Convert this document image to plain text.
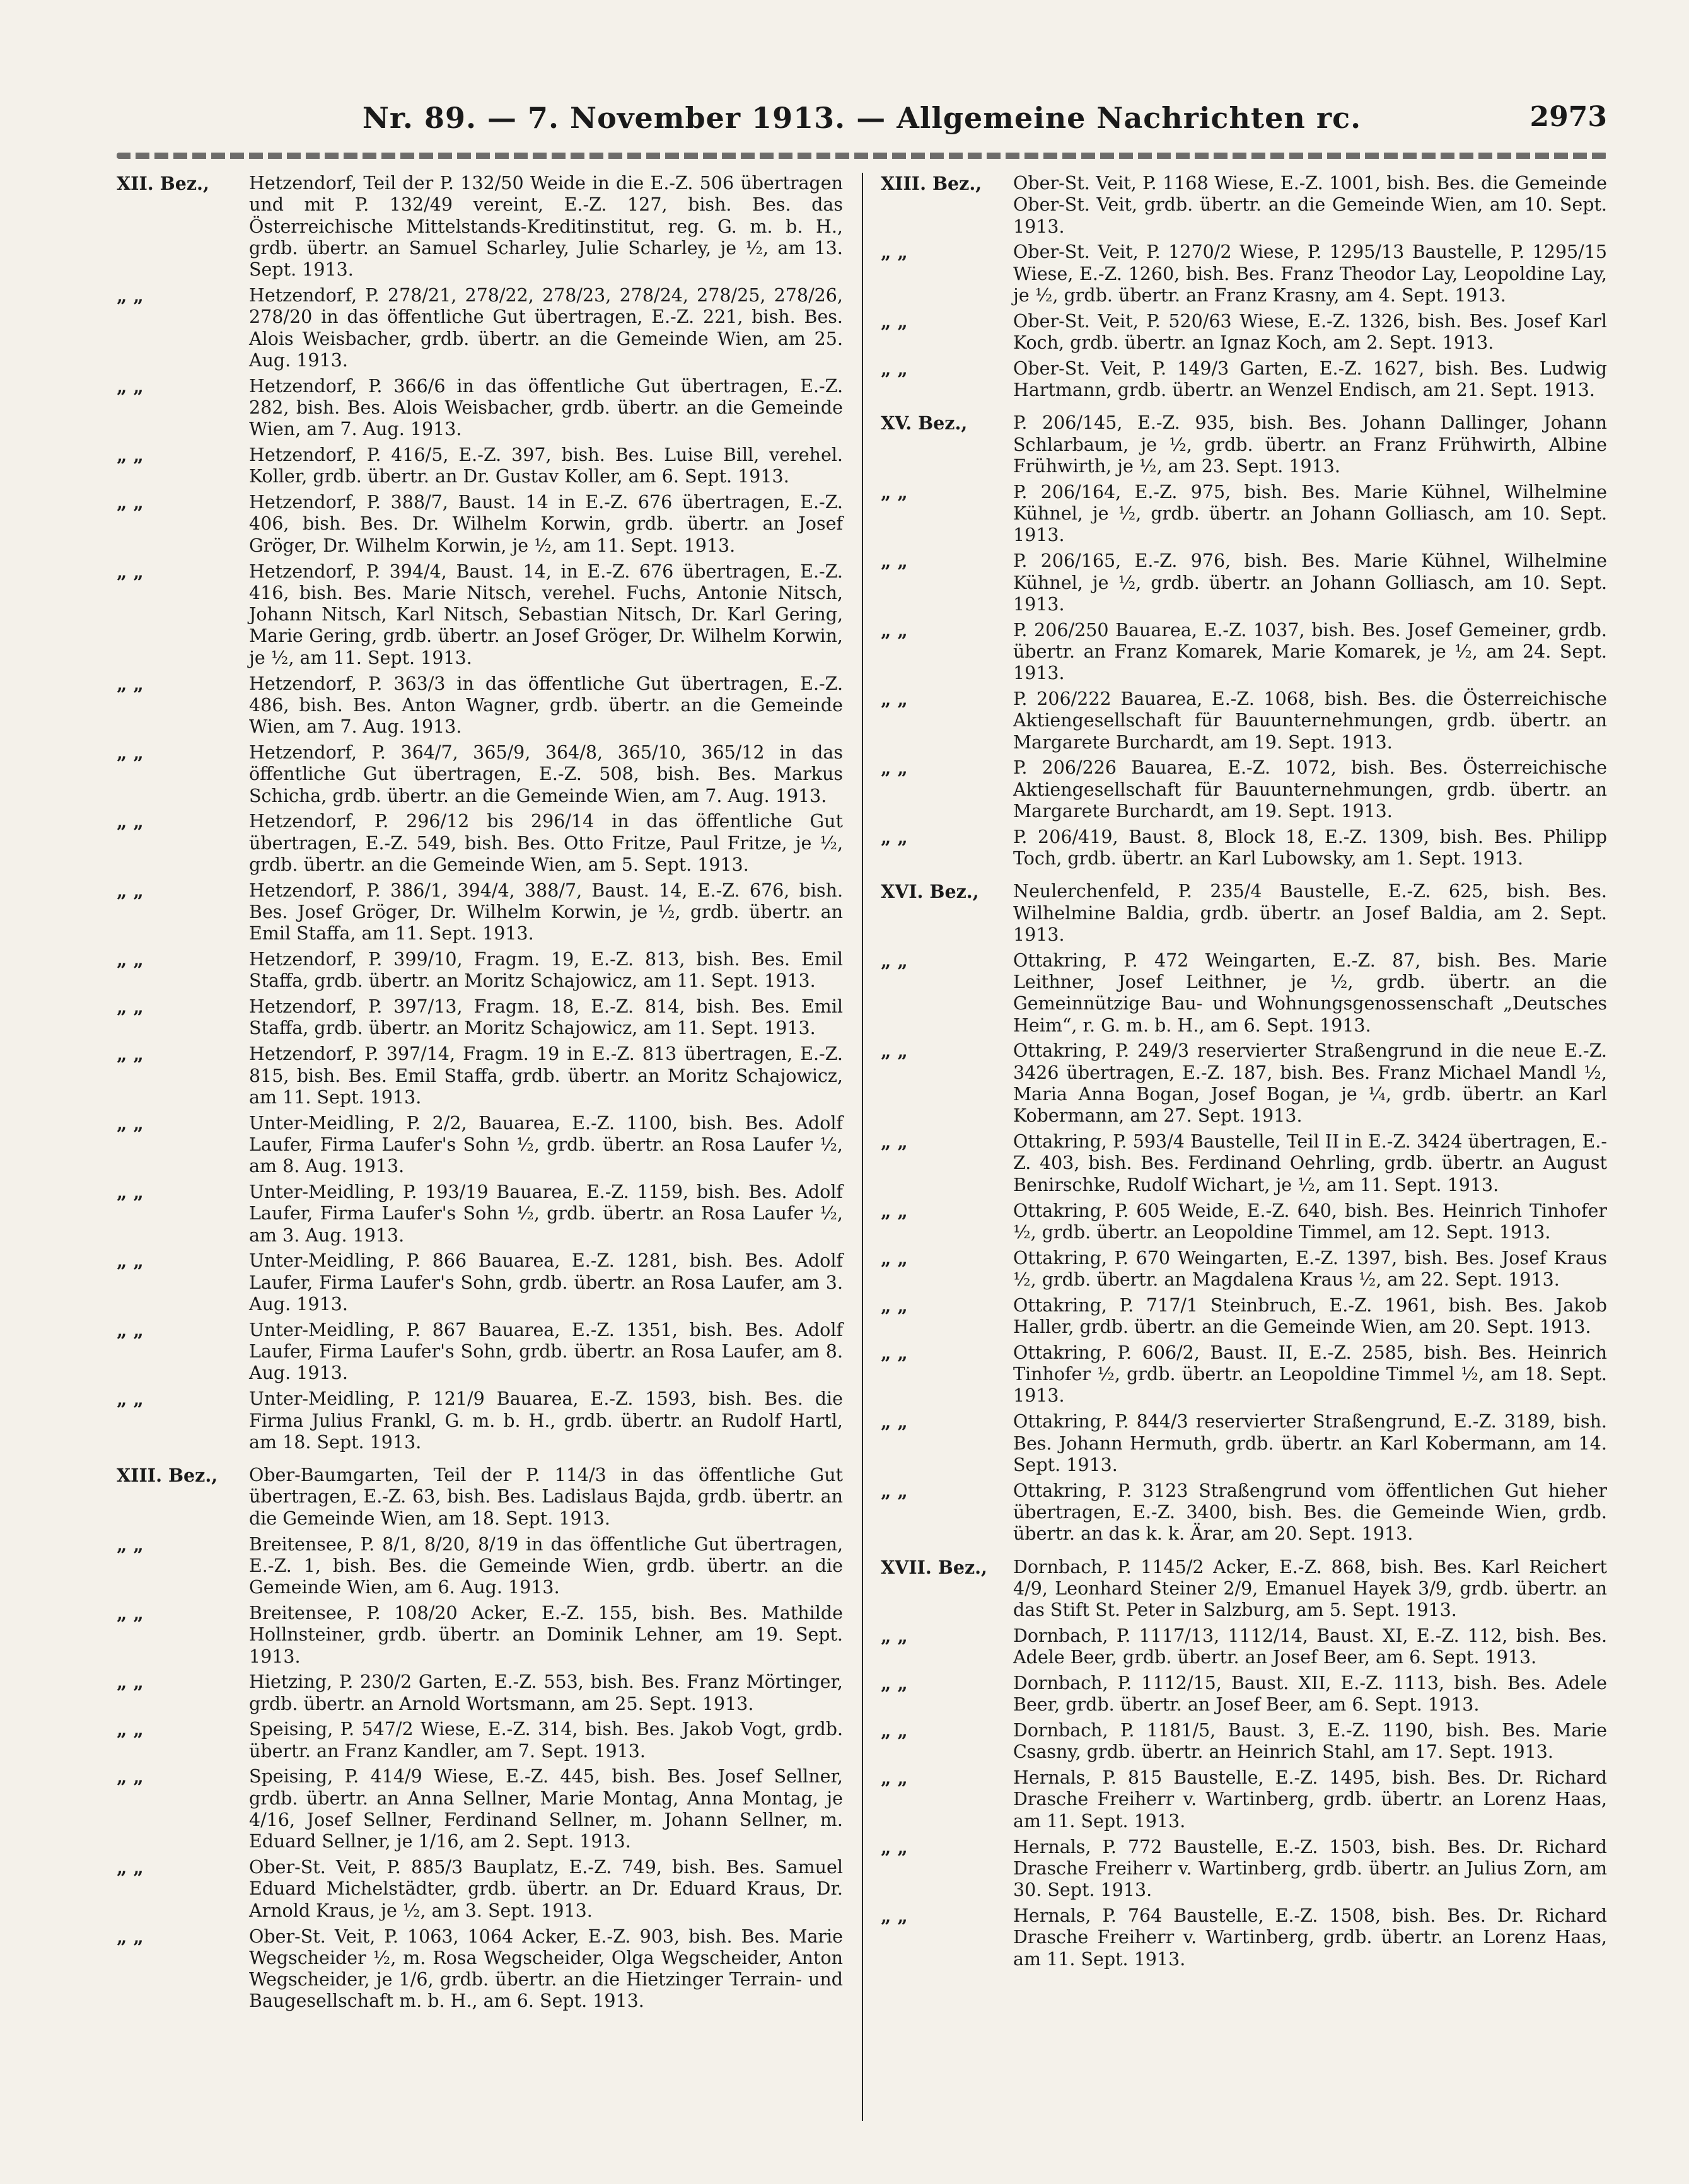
Nr. 89. — 7. November 1913. — Allgemeine Nachrichten rc.	2973
XII. Bez.,	Hetzendorf, Teil der P. 132/50 Weide in die E.-Z. 506 übertragen und mit P. 132/49 vereint, E.-Z. 127, bish. Bes. das Österreichische Mittelstands-Kreditinstitut, reg. G. m. b. H., grdb. übertr. an Samuel Scharley, Julie Scharley, je ½, am 13. Sept. 1913.
„ „	Hetzendorf, P. 278/21, 278/22, 278/23, 278/24, 278/25, 278/26, 278/20 in das öffentliche Gut übertragen, E.-Z. 221, bish. Bes. Alois Weisbacher, grdb. übertr. an die Gemeinde Wien, am 25. Aug. 1913.
„ „	Hetzendorf, P. 366/6 in das öffentliche Gut übertragen, E.-Z. 282, bish. Bes. Alois Weisbacher, grdb. übertr. an die Gemeinde Wien, am 7. Aug. 1913.
„ „	Hetzendorf, P. 416/5, E.-Z. 397, bish. Bes. Luise Bill, verehel. Koller, grdb. übertr. an Dr. Gustav Koller, am 6. Sept. 1913.
„ „	Hetzendorf, P. 388/7, Baust. 14 in E.-Z. 676 übertragen, E.-Z. 406, bish. Bes. Dr. Wilhelm Korwin, grdb. übertr. an Josef Gröger, Dr. Wilhelm Korwin, je ½, am 11. Sept. 1913.
„ „	Hetzendorf, P. 394/4, Baust. 14, in E.-Z. 676 übertragen, E.-Z. 416, bish. Bes. Marie Nitsch, verehel. Fuchs, Antonie Nitsch, Johann Nitsch, Karl Nitsch, Sebastian Nitsch, Dr. Karl Gering, Marie Gering, grdb. übertr. an Josef Gröger, Dr. Wilhelm Korwin, je ½, am 11. Sept. 1913.
„ „	Hetzendorf, P. 363/3 in das öffentliche Gut übertragen, E.-Z. 486, bish. Bes. Anton Wagner, grdb. übertr. an die Gemeinde Wien, am 7. Aug. 1913.
„ „	Hetzendorf, P. 364/7, 365/9, 364/8, 365/10, 365/12 in das öffentliche Gut übertragen, E.-Z. 508, bish. Bes. Markus Schicha, grdb. übertr. an die Gemeinde Wien, am 7. Aug. 1913.
„ „	Hetzendorf, P. 296/12 bis 296/14 in das öffentliche Gut übertragen, E.-Z. 549, bish. Bes. Otto Fritze, Paul Fritze, je ½, grdb. übertr. an die Gemeinde Wien, am 5. Sept. 1913.
„ „	Hetzendorf, P. 386/1, 394/4, 388/7, Baust. 14, E.-Z. 676, bish. Bes. Josef Gröger, Dr. Wilhelm Korwin, je ½, grdb. übertr. an Emil Staffa, am 11. Sept. 1913.
„ „	Hetzendorf, P. 399/10, Fragm. 19, E.-Z. 813, bish. Bes. Emil Staffa, grdb. übertr. an Moritz Schajowicz, am 11. Sept. 1913.
„ „	Hetzendorf, P. 397/13, Fragm. 18, E.-Z. 814, bish. Bes. Emil Staffa, grdb. übertr. an Moritz Schajowicz, am 11. Sept. 1913.
„ „	Hetzendorf, P. 397/14, Fragm. 19 in E.-Z. 813 übertragen, E.-Z. 815, bish. Bes. Emil Staffa, grdb. übertr. an Moritz Schajowicz, am 11. Sept. 1913.
„ „	Unter-Meidling, P. 2/2, Bauarea, E.-Z. 1100, bish. Bes. Adolf Laufer, Firma Laufer's Sohn ½, grdb. übertr. an Rosa Laufer ½, am 8. Aug. 1913.
„ „	Unter-Meidling, P. 193/19 Bauarea, E.-Z. 1159, bish. Bes. Adolf Laufer, Firma Laufer's Sohn ½, grdb. übertr. an Rosa Laufer ½, am 3. Aug. 1913.
„ „	Unter-Meidling, P. 866 Bauarea, E.-Z. 1281, bish. Bes. Adolf Laufer, Firma Laufer's Sohn, grdb. übertr. an Rosa Laufer, am 3. Aug. 1913.
„ „	Unter-Meidling, P. 867 Bauarea, E.-Z. 1351, bish. Bes. Adolf Laufer, Firma Laufer's Sohn, grdb. übertr. an Rosa Laufer, am 8. Aug. 1913.
„ „	Unter-Meidling, P. 121/9 Bauarea, E.-Z. 1593, bish. Bes. die Firma Julius Frankl, G. m. b. H., grdb. übertr. an Rudolf Hartl, am 18. Sept. 1913.
XIII. Bez.,	Ober-Baumgarten, Teil der P. 114/3 in das öffentliche Gut übertragen, E.-Z. 63, bish. Bes. Ladislaus Bajda, grdb. übertr. an die Gemeinde Wien, am 18. Sept. 1913.
„ „	Breitensee, P. 8/1, 8/20, 8/19 in das öffentliche Gut übertragen, E.-Z. 1, bish. Bes. die Gemeinde Wien, grdb. übertr. an die Gemeinde Wien, am 6. Aug. 1913.
„ „	Breitensee, P. 108/20 Acker, E.-Z. 155, bish. Bes. Mathilde Hollnsteiner, grdb. übertr. an Dominik Lehner, am 19. Sept. 1913.
„ „	Hietzing, P. 230/2 Garten, E.-Z. 553, bish. Bes. Franz Mörtinger, grdb. übertr. an Arnold Wortsmann, am 25. Sept. 1913.
„ „	Speising, P. 547/2 Wiese, E.-Z. 314, bish. Bes. Jakob Vogt, grdb. übertr. an Franz Kandler, am 7. Sept. 1913.
„ „	Speising, P. 414/9 Wiese, E.-Z. 445, bish. Bes. Josef Sellner, grdb. übertr. an Anna Sellner, Marie Montag, Anna Montag, je 4/16, Josef Sellner, Ferdinand Sellner, m. Johann Sellner, m. Eduard Sellner, je 1/16, am 2. Sept. 1913.
„ „	Ober-St. Veit, P. 885/3 Bauplatz, E.-Z. 749, bish. Bes. Samuel Eduard Michelstädter, grdb. übertr. an Dr. Eduard Kraus, Dr. Arnold Kraus, je ½, am 3. Sept. 1913.
„ „	Ober-St. Veit, P. 1063, 1064 Acker, E.-Z. 903, bish. Bes. Marie Wegscheider ½, m. Rosa Wegscheider, Olga Wegscheider, Anton Wegscheider, je 1/6, grdb. übertr. an die Hietzinger Terrain- und Baugesellschaft m. b. H., am 6. Sept. 1913.
XIII. Bez.,	Ober-St. Veit, P. 1168 Wiese, E.-Z. 1001, bish. Bes. die Gemeinde Ober-St. Veit, grdb. übertr. an die Gemeinde Wien, am 10. Sept. 1913.
„ „	Ober-St. Veit, P. 1270/2 Wiese, P. 1295/13 Baustelle, P. 1295/15 Wiese, E.-Z. 1260, bish. Bes. Franz Theodor Lay, Leopoldine Lay, je ½, grdb. übertr. an Franz Krasny, am 4. Sept. 1913.
„ „	Ober-St. Veit, P. 520/63 Wiese, E.-Z. 1326, bish. Bes. Josef Karl Koch, grdb. übertr. an Ignaz Koch, am 2. Sept. 1913.
„ „	Ober-St. Veit, P. 149/3 Garten, E.-Z. 1627, bish. Bes. Ludwig Hartmann, grdb. übertr. an Wenzel Endisch, am 21. Sept. 1913.
XV. Bez.,	P. 206/145, E.-Z. 935, bish. Bes. Johann Dallinger, Johann Schlarbaum, je ½, grdb. übertr. an Franz Frühwirth, Albine Frühwirth, je ½, am 23. Sept. 1913.
„ „	P. 206/164, E.-Z. 975, bish. Bes. Marie Kühnel, Wilhelmine Kühnel, je ½, grdb. übertr. an Johann Golliasch, am 10. Sept. 1913.
„ „	P. 206/165, E.-Z. 976, bish. Bes. Marie Kühnel, Wilhelmine Kühnel, je ½, grdb. übertr. an Johann Golliasch, am 10. Sept. 1913.
„ „	P. 206/250 Bauarea, E.-Z. 1037, bish. Bes. Josef Gemeiner, grdb. übertr. an Franz Komarek, Marie Komarek, je ½, am 24. Sept. 1913.
„ „	P. 206/222 Bauarea, E.-Z. 1068, bish. Bes. die Österreichische Aktiengesellschaft für Bauunternehmungen, grdb. übertr. an Margarete Burchardt, am 19. Sept. 1913.
„ „	P. 206/226 Bauarea, E.-Z. 1072, bish. Bes. Österreichische Aktiengesellschaft für Bauunternehmungen, grdb. übertr. an Margarete Burchardt, am 19. Sept. 1913.
„ „	P. 206/419, Baust. 8, Block 18, E.-Z. 1309, bish. Bes. Philipp Toch, grdb. übertr. an Karl Lubowsky, am 1. Sept. 1913.
XVI. Bez.,	Neulerchenfeld, P. 235/4 Baustelle, E.-Z. 625, bish. Bes. Wilhelmine Baldia, grdb. übertr. an Josef Baldia, am 2. Sept. 1913.
„ „	Ottakring, P. 472 Weingarten, E.-Z. 87, bish. Bes. Marie Leithner, Josef Leithner, je ½, grdb. übertr. an die Gemeinnützige Bau- und Wohnungsgenossenschaft „Deutsches Heim“, r. G. m. b. H., am 6. Sept. 1913.
„ „	Ottakring, P. 249/3 reservierter Straßengrund in die neue E.-Z. 3426 übertragen, E.-Z. 187, bish. Bes. Franz Michael Mandl ½, Maria Anna Bogan, Josef Bogan, je ¼, grdb. übertr. an Karl Kobermann, am 27. Sept. 1913.
„ „	Ottakring, P. 593/4 Baustelle, Teil II in E.-Z. 3424 übertragen, E.-Z. 403, bish. Bes. Ferdinand Oehrling, grdb. übertr. an August Benirschke, Rudolf Wichart, je ½, am 11. Sept. 1913.
„ „	Ottakring, P. 605 Weide, E.-Z. 640, bish. Bes. Heinrich Tinhofer ½, grdb. übertr. an Leopoldine Timmel, am 12. Sept. 1913.
„ „	Ottakring, P. 670 Weingarten, E.-Z. 1397, bish. Bes. Josef Kraus ½, grdb. übertr. an Magdalena Kraus ½, am 22. Sept. 1913.
„ „	Ottakring, P. 717/1 Steinbruch, E.-Z. 1961, bish. Bes. Jakob Haller, grdb. übertr. an die Gemeinde Wien, am 20. Sept. 1913.
„ „	Ottakring, P. 606/2, Baust. II, E.-Z. 2585, bish. Bes. Heinrich Tinhofer ½, grdb. übertr. an Leopoldine Timmel ½, am 18. Sept. 1913.
„ „	Ottakring, P. 844/3 reservierter Straßengrund, E.-Z. 3189, bish. Bes. Johann Hermuth, grdb. übertr. an Karl Kobermann, am 14. Sept. 1913.
„ „	Ottakring, P. 3123 Straßengrund vom öffentlichen Gut hieher übertragen, E.-Z. 3400, bish. Bes. die Gemeinde Wien, grdb. übertr. an das k. k. Ärar, am 20. Sept. 1913.
XVII. Bez.,	Dornbach, P. 1145/2 Acker, E.-Z. 868, bish. Bes. Karl Reichert 4/9, Leonhard Steiner 2/9, Emanuel Hayek 3/9, grdb. übertr. an das Stift St. Peter in Salzburg, am 5. Sept. 1913.
„ „	Dornbach, P. 1117/13, 1112/14, Baust. XI, E.-Z. 112, bish. Bes. Adele Beer, grdb. übertr. an Josef Beer, am 6. Sept. 1913.
„ „	Dornbach, P. 1112/15, Baust. XII, E.-Z. 1113, bish. Bes. Adele Beer, grdb. übertr. an Josef Beer, am 6. Sept. 1913.
„ „	Dornbach, P. 1181/5, Baust. 3, E.-Z. 1190, bish. Bes. Marie Csasny, grdb. übertr. an Heinrich Stahl, am 17. Sept. 1913.
„ „	Hernals, P. 815 Baustelle, E.-Z. 1495, bish. Bes. Dr. Richard Drasche Freiherr v. Wartinberg, grdb. übertr. an Lorenz Haas, am 11. Sept. 1913.
„ „	Hernals, P. 772 Baustelle, E.-Z. 1503, bish. Bes. Dr. Richard Drasche Freiherr v. Wartinberg, grdb. übertr. an Julius Zorn, am 30. Sept. 1913.
„ „	Hernals, P. 764 Baustelle, E.-Z. 1508, bish. Bes. Dr. Richard Drasche Freiherr v. Wartinberg, grdb. übertr. an Lorenz Haas, am 11. Sept. 1913.
